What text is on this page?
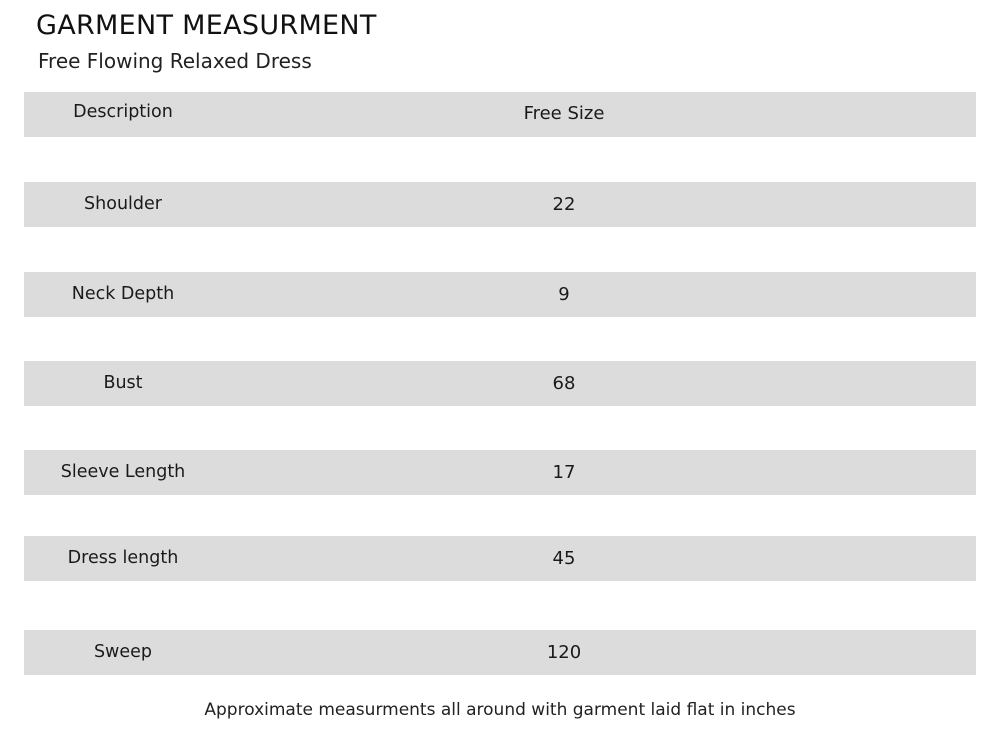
GARMENT MEASURMENT

Free Flowing Relaxed Dress

Description	Free Size
Shoulder	22
Neck Depth	9
Bust	68
Sleeve Length	17
Dress length	45
Sweep	120
Approximate measurments all around with garment laid flat in inches
